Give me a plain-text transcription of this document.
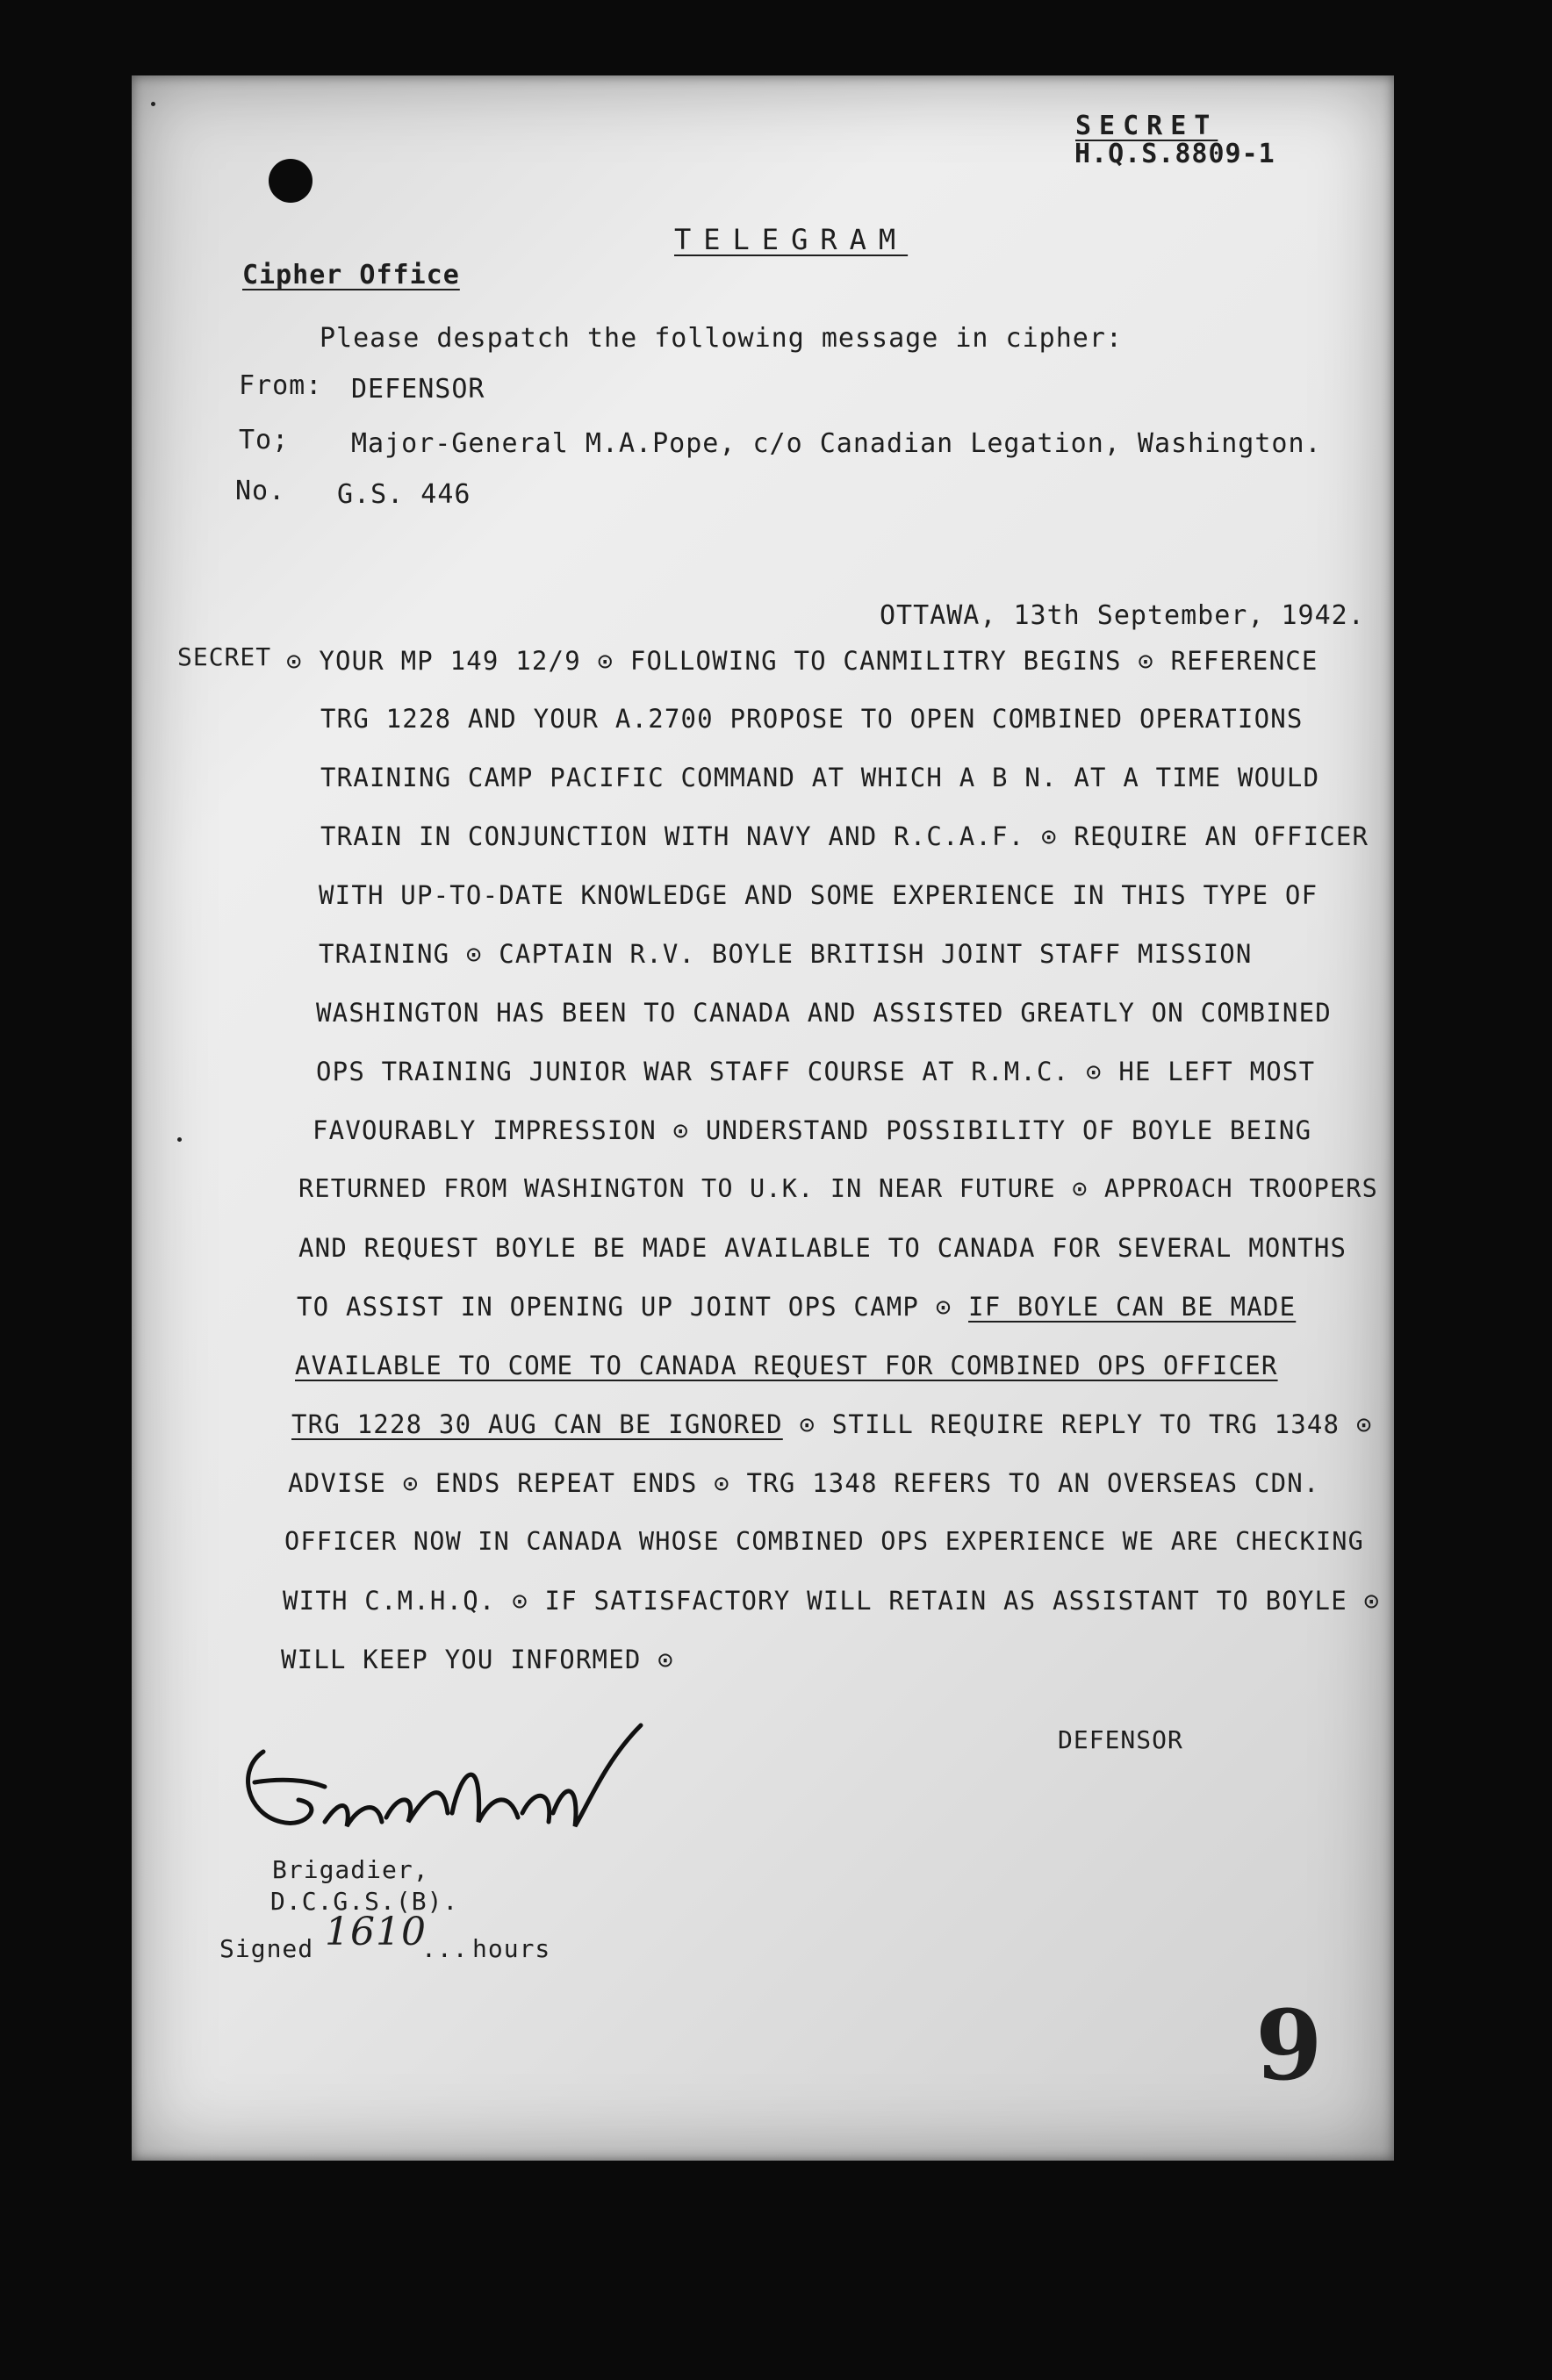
SECRET
H.Q.S.8809-1
TELEGRAM
Cipher Office
Please despatch the following message in cipher:
From: DEFENSOR
To; Major-General M.A.Pope, c/o Canadian Legation, Washington.
No. G.S. 446
OTTAWA, 13th September, 1942.
SECRET ⊙ YOUR MP 149 12/9 ⊙ FOLLOWING TO CANMILITRY BEGINS ⊙ REFERENCE
TRG 1228 AND YOUR A.2700 PROPOSE TO OPEN COMBINED OPERATIONS
TRAINING CAMP PACIFIC COMMAND AT WHICH A B N. AT A TIME WOULD
TRAIN IN CONJUNCTION WITH NAVY AND R.C.A.F. ⊙ REQUIRE AN OFFICER
WITH UP-TO-DATE KNOWLEDGE AND SOME EXPERIENCE IN THIS TYPE OF
TRAINING ⊙ CAPTAIN R.V. BOYLE BRITISH JOINT STAFF MISSION
WASHINGTON HAS BEEN TO CANADA AND ASSISTED GREATLY ON COMBINED
OPS TRAINING JUNIOR WAR STAFF COURSE AT R.M.C. ⊙ HE LEFT MOST
FAVOURABLY IMPRESSION ⊙ UNDERSTAND POSSIBILITY OF BOYLE BEING
RETURNED FROM WASHINGTON TO U.K. IN NEAR FUTURE ⊙ APPROACH TROOPERS
AND REQUEST BOYLE BE MADE AVAILABLE TO CANADA FOR SEVERAL MONTHS
TO ASSIST IN OPENING UP JOINT OPS CAMP ⊙ IF BOYLE CAN BE MADE
AVAILABLE TO COME TO CANADA REQUEST FOR COMBINED OPS OFFICER
TRG 1228 30 AUG CAN BE IGNORED ⊙ STILL REQUIRE REPLY TO TRG 1348 ⊙
ADVISE ⊙ ENDS REPEAT ENDS ⊙ TRG 1348 REFERS TO AN OVERSEAS CDN.
OFFICER NOW IN CANADA WHOSE COMBINED OPS EXPERIENCE WE ARE CHECKING
WITH C.M.H.Q. ⊙ IF SATISFACTORY WILL RETAIN AS ASSISTANT TO BOYLE ⊙
WILL KEEP YOU INFORMED ⊙
DEFENSOR
Brigadier,
D.C.G.S.(B).
Signed 1610
... hours
9
